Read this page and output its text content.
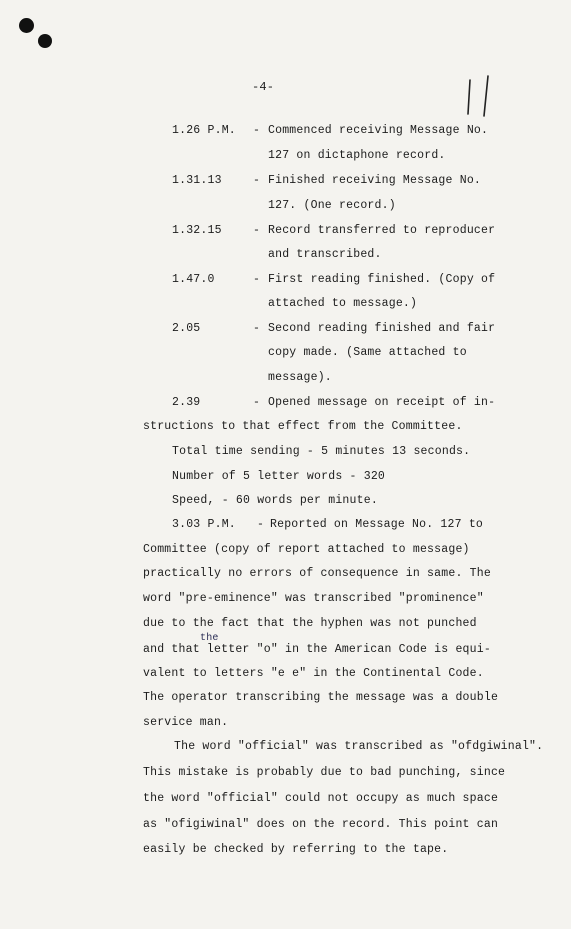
-4-
1.26 P.M. - Commenced receiving Message No.
127 on dictaphone record.
1.31.13	- Finished receiving Message No.
127. (One record.)
1.32.15	- Record transferred to reproducer
and transcribed.
1.47.0	- First reading finished. (Copy of
attached to message.)
2.05	- Second reading finished and fair
copy made. (Same attached to
message).
2.39	- Opened message on receipt of in-
structions to that effect from the Committee.
Total time sending - 5 minutes 13 seconds.
Number of 5 letter words - 320
Speed, - 60 words per minute.
3.03 P.M. - Reported on Message No. 127 to
Committee (copy of report attached to message)
practically no errors of consequence in same. The
word "pre-eminence" was transcribed "prominence"
due to the fact that the hyphen was not punched
the
and that letter "o" in the American Code is equi-
valent to letters "e e" in the Continental Code.
The operator transcribing the message was a double
service man.
The word "official" was transcribed as "ofdgiwinal".
This mistake is probably due to bad punching, since
the word "official" could not occupy as much space
as "ofigiwinal" does on the record. This point can
easily be checked by referring to the tape.
